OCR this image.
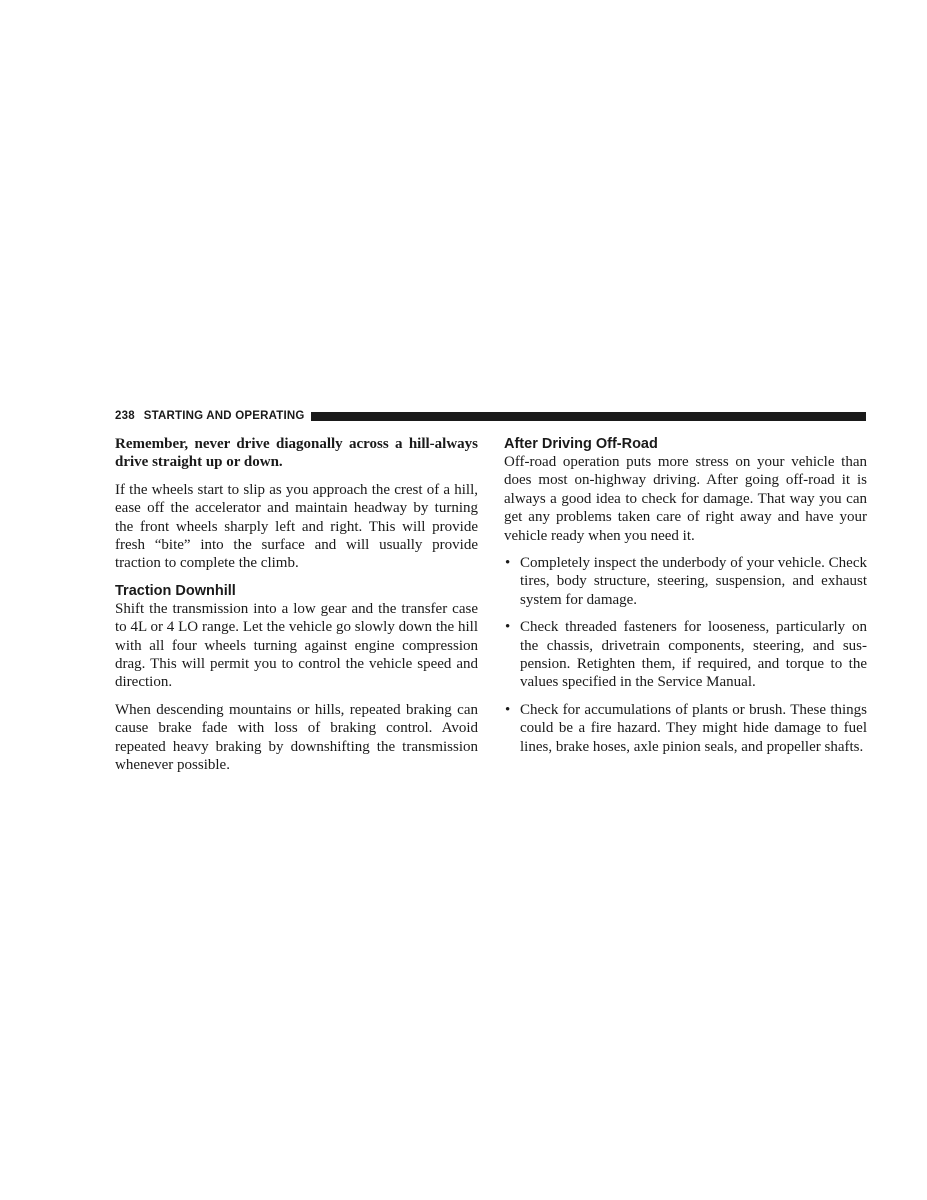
238 STARTING AND OPERATING

Remember, never drive diagonally across a hill-always drive straight up or down.

If the wheels start to slip as you approach the crest of a hill, ease off the accelerator and maintain headway by turning the front wheels sharply left and right. This will provide fresh “bite” into the surface and will usually provide traction to complete the climb.

Traction Downhill

Shift the transmission into a low gear and the transfer case to 4L or 4 LO range. Let the vehicle go slowly down the hill with all four wheels turning against engine compression drag. This will permit you to control the vehicle speed and direction.

When descending mountains or hills, repeated braking can cause brake fade with loss of braking control. Avoid repeated heavy braking by downshifting the transmission whenever possible.

After Driving Off-Road

Off-road operation puts more stress on your vehicle than does most on-highway driving. After going off-road it is always a good idea to check for damage. That way you can get any problems taken care of right away and have your vehicle ready when you need it.

• Completely inspect the underbody of your vehicle. Check tires, body structure, steering, suspension, and exhaust system for damage.
• Check threaded fasteners for looseness, particularly on the chassis, drivetrain components, steering, and suspension. Retighten them, if required, and torque to the values specified in the Service Manual.
• Check for accumulations of plants or brush. These things could be a fire hazard. They might hide damage to fuel lines, brake hoses, axle pinion seals, and propeller shafts.
